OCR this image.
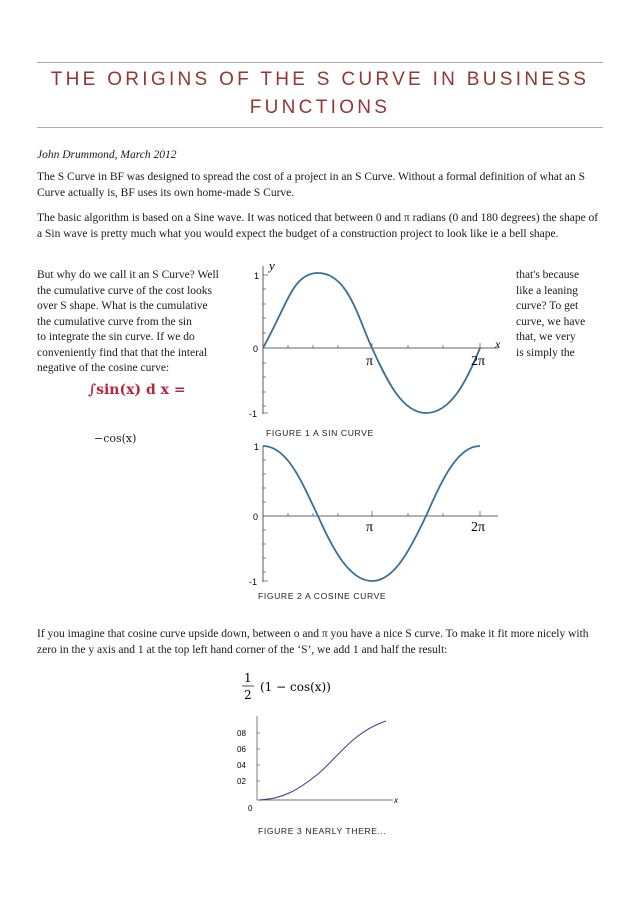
THE ORIGINS OF THE S CURVE IN BUSINESS FUNCTIONS
John Drummond, March 2012
The S Curve in BF was designed to spread the cost of a project in an S Curve. Without a formal definition of what an S Curve actually is, BF uses its own home-made S Curve.
The basic algorithm is based on a Sine wave. It was noticed that between 0 and π radians (0 and 180 degrees) the shape of a Sin wave is pretty much what you would expect the budget of a construction project to look like ie a bell shape.
But why do we call it an S Curve? Well
the cumulative curve of the cost looks
over S shape. What is the cumulative
the cumulative curve from the sin
to integrate the sin curve. If we do
conveniently find that that the interal
negative of the cosine curve:
that's because
like a leaning
curve? To get
curve, we have
that, we very
is simply the
∫sin(x) d x =
−cos(x)
y
x
1
0
-1
π	2π
FIGURE 1 A SIN CURVE
1
0
-1
π	2π
FIGURE 2 A COSINE CURVE
If you imagine that cosine curve upside down, between o and π you have a nice S curve. To make it fit more nicely with zero in the y axis and 1 at the top left hand corner of the ‘S’, we add 1 and half the result:
1
2
(1 − cos(x))
08
06
04
02
0
x
FIGURE 3 NEARLY THERE...
